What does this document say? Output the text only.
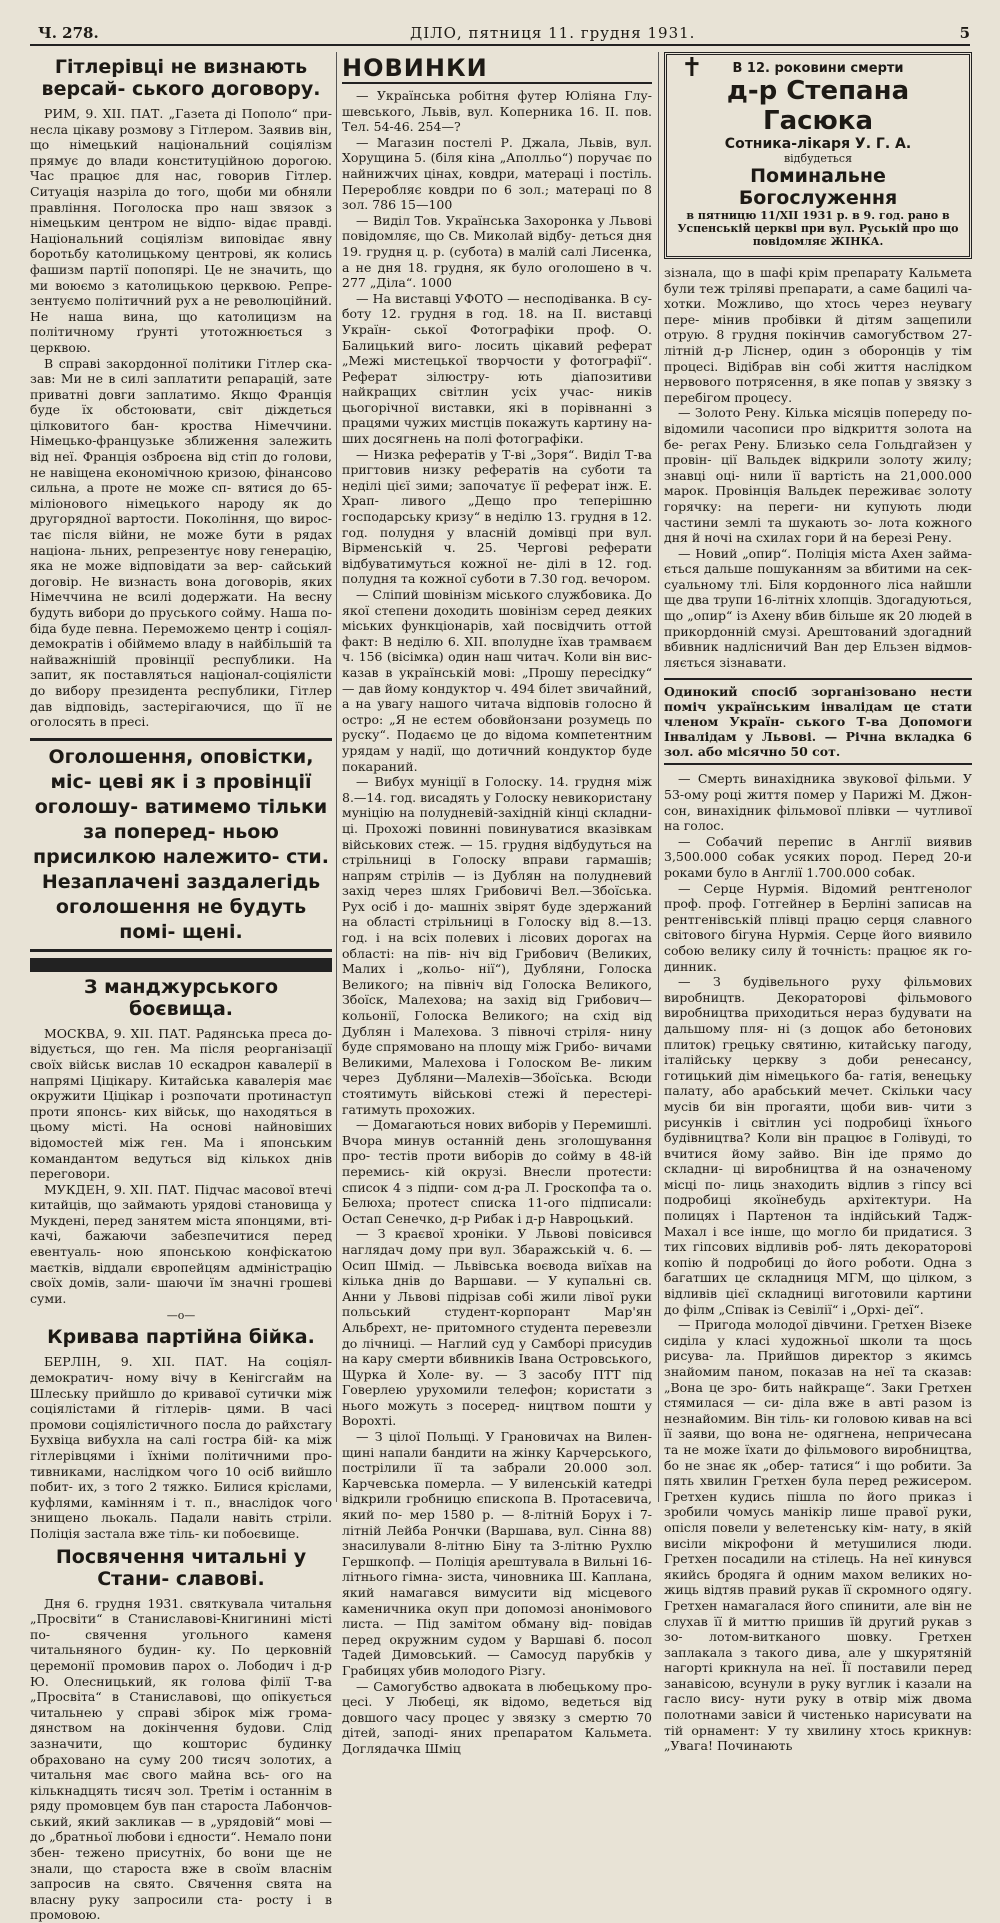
Ч. 278.	ДІЛО, пятниця 11. грудня 1931.	5
Гітлерівці не визнають версай- ського договору.

РИМ, 9. XII. ПАТ. „Газета ді Пополо“ при- несла цікаву розмову з Гітлером. Заявив він, що німецький національний соціялізм прямує до влади конституційною дорогою. Час працює для нас, говорив Гітлер. Ситуація назріла до того, щоби ми обняли правління. Поголоска про наш звязок з німецьким центром не відпо- відає правді. Національний соціялізм виповідає явну боротьбу католицькому центрові, як колись фашизм партії попопярі. Це не значить, що ми воюємо з католицькою церквою. Репре- зентуємо політичний рух а не революційний. Не наша вина, що католицизм на політичному ґрунті утотожнюється з церквою.

В справі закордонної політики Гітлер ска- зав: Ми не в силі заплатити репарацій, зате приватні довги заплатимо. Якщо Франція буде їх обстоювати, світ діждеться цілковитого бан- кроства Німеччини. Німецько-французьке зближення залежить від неї. Франція озброєна від стіп до голови, не навіщена економічною кризою, фінансово сильна, а проте не може сп- вятися до 65-міліонового німецького народу як до другорядної вартости. Покоління, що вирос- тає після війни, не може бути в рядах націона- льних, репрезентує нову генерацію, яка не може відповідати за вер- сайський договір. Не визнасть вона договорів, яких Німеччина не всилі додержати. На весну будуть вибори до пруського сойму. Наша по- біда буде певна. Переможемо центр і соціял- демократів і обіймемо владу в найбільшій та найважнішій провінції республики. На запит, як поставляться націонал-соціялісти до вибору президента республики, Гітлер дав відповідь, застерігаючися, що її не оголосять в пресі.

Оголошення, оповістки, міс- цеві як і з провінції оголошу- ватимемо тільки за поперед- ньою присилкою належито- сти. Незаплачені заздалегідь оголошення не будуть помі- щені.
З манджурського боєвища.

МОСКВА, 9. XII. ПАТ. Радянська преса до- відується, що ген. Ма після реорганізації своїх військ вислав 10 ескадрон кавалерії в напрямі Ціцікару. Китайська кавалерія має окружити Ціцікар і розпочати протинаступ проти японсь- ких військ, що находяться в цьому місті. На основі найновіших відомостей між ген. Ма і японським командантом ведуться від кількох днів переговори.

МУКДЕН, 9. XII. ПАТ. Підчас масової втечі китайців, що займають урядові становища у Мукдені, перед занятем міста японцями, вті- качі, бажаючи забезпечитися перед евентуаль- ною японською конфіскатою маєтків, віддали європейцям адміністрацію своїх домів, зали- шаючи їм значні грошеві суми.

—o—
Кривава партійна бійка.

БЕРЛІН, 9. XII. ПАТ. На соціял-демократич- ному вічу в Кенігсгайм на Шлеську прийшло до кривавої сутички між соціялістами й гітлерів- цями. В часі промови соціялістичного посла до райхстагу Бухвіца вибухла на салі гостра бій- ка між гітлерівцями і їхніми політичними про- тивниками, наслідком чого 10 осіб вийшло побит- их, з того 2 тяжко. Билися кріслами, куфлями, камінням і т. п., внаслідок чого знищено льокаль. Падали навіть стріли. Поліція застала вже тіль- ки побоєвище.

Посвячення читальні у Стани- славові.

Дня 6. грудня 1931. святкувала читальня „Просвіти“ в Станиславові-Книгинині місті по- свячення угольного каменя читальняного будин- ку. По церковній церемонії промовив парох о. Лободич і д-р Ю. Олесницький, як голова філії Т-ва „Просвіта“ в Станиславові, що опікується читальнею у справі збірок між грома- дянством на докінчення будови. Слід зазначити, що кошторис будинку обраховано на суму 200 тисяч золотих, а читальня має свого майна всь- ого на кількнадцять тисяч зол. Третім і останнім в ряду промовцем був пан староста Лабончов- ський, який закликав — в „урядовій“ мові — до „братньої любови і єдности“. Немало пони збен- тежено присутніх, бо вони ще не знали, що староста вже в своїм власнім запросив на свято. Свячення свята на власну руку запросили ста- росту і в промовою.

НОВИНКИ

— Українська робітня футер Юліяна Глу- шевського, Львів, вул. Коперника 16. II. пов. Тел. 54-46. 254—?

— Магазин постелі Р. Джала, Львів, вул. Хорущина 5. (біля кіна „Аполльо“) поручає по найнижчих цінах, ковдри, матераці і постіль. Переробляє ковдри по 6 зол.; матераці по 8 зол. 786 15—100

— Виділ Тов. Українська Захоронка у Львові повідомляє, що Св. Миколай відбу- деться дня 19. грудня ц. р. (субота) в малій салі Лисенка, а не дня 18. грудня, як було оголошено в ч. 277 „Діла“. 1000

— На виставці УФОТО — несподіванка. В су- боту 12. грудня в год. 18. на II. виставці Україн- ської Фотографіки проф. О. Балицький виго- лосить цікавий реферат „Межі мистецької творчости у фотографії“. Реферат зілюстру- ють діапозитиви найкращих світлин усіх учас- ників цьогорічної виставки, які в порівнанні з працями чужих мистців покажуть картину на- ших досягнень на полі фотографіки.

— Низка рефератів у Т-ві „Зоря“. Виділ Т-ва пригтовив низку рефератів на суботи та неділі цієї зими; започатує її реферат інж. Е. Храп- ливого „Дещо про теперішню господарську кризу“ в неділю 13. грудня в 12. год. полудня у власній домівці при вул. Вірменській ч. 25. Чергові реферати відбуватимуться кожної не- ділі в 12. год. полудня та кожної суботи в 7.30 год. вечором.

— Сліпий шовінізм міського службовика. До якої степени доходить шовінізм серед деяких міських функціонарів, хай посвідчить оттой факт: В неділю 6. XII. вполудне їхав трамваєм ч. 156 (вісімка) один наш читач. Коли він вис- казав в українській мові: „Прошу пересідку“ — дав йому кондуктор ч. 494 білет звичайний, а на увагу нашого читача відповів голосно й остро: „Я не естем обовйонзани розумець по руску“. Подаємо це до відома компетентним урядам у надії, що дотичний кондуктор буде покараний.

— Вибух муніції в Голоску. 14. грудня між 8.—14. год. висадять у Голоску невикористану муніцію на полудневій-західній кінці складни- ці. Прохожі повинні повинуватися вказівкам військових стеж. — 15. грудня відбудуться на стрільниці в Голоску вправи гармашів; напрям стрілів — із Дублян на полудневий захід через шлях Грибовичі Вел.—Збоїська. Рух осіб і до- машніх звірят буде здержаний на області стрільниці в Голоску від 8.—13. год. і на всіх полевих і лісових дорогах на області: на пів- ніч від Грибович (Великих, Малих і „кольо- нії“), Дубляни, Голоска Великого; на північ від Голоска Великого, Збоїск, Малехова; на захід від Грибович—кольонії, Голоска Великого; на схід від Дублян і Малехова. З півночі стріля- нину буде спрямовано на площу між Грибо- вичами Великими, Малехова і Голоском Ве- ликим через Дубляни—Малехів—Збоїська. Всюди стоятимуть військові стежі й перестері- гатимуть прохожих.

— Домагаються нових виборів у Перемишлі. Вчора минув останній день зголошування про- тестів проти виборів до сойму в 48-ій перемись- кій окрузі. Внесли протести: список 4 з підпи- сом д-ра Л. Гроскопфа та о. Белюха; протест списка 11-ого підписали: Остап Сенечко, д-р Рибак і д-р Навроцький.

— З краєвої хроніки. У Львові повісився наглядач дому при вул. Збаражській ч. 6. — Осип Шмід. — Львівська воєвода виїхав на кілька днів до Варшави. — У купальні св. Анни у Львові підрізав собі жили лівої руки польський студент-корпорант Мар'ян Альбрехт, не- притомного студента перевезли до лічниці. — Наглий суд у Самборі присудив на кару смерти вбивників Івана Островського, Щурка й Холе- ву. — З засобу ПТТ під Говерлею урухомили телефон; користати з нього можуть з посеред- ництвом пошти у Ворохті.

— З цілої Польщі. У Грановичах на Вилен- щині напали бандити на жінку Карчерського, пострілили її та забрали 20.000 зол. Карчевська померла. — У виленській катедрі відкрили гробницю єпископа В. Протасевича, який по- мер 1580 р. — 8-літній Борух і 7-літній Лейба Рончки (Варшава, вул. Сінна 88) знасилували 8-літню Біну та 3-літню Рухлю Гершкопф. — Поліція арештувала в Вильні 16-літнього гімна- зиста, чиновника Ш. Каплана, який намагався вимусити від місцевого каменичника окуп при допомозі анонімового листа. — Під замітом обману від- повідав перед окружним судом у Варшаві б. посол Тадей Димовський. — Самосуд парубків у Грабицях убив молодого Різгу.

— Самогубство адвоката в любецькому про- цесі. У Любеці, як відомо, ведеться від довшого часу процес у звязку з смертю 70 дітей, заподі- яних препаратом Кальмета. Доглядачка Шміц

✝	В 12. роковини смерти
д-р Степана Гасюка
Сотника-лікаря У. Г. А.
відбудеться
Поминальне Богослуження
в пятницю 11/XII 1931 р. в 9. год. рано в Успенській церкві при вул. Руській про що повідомляє ЖІНКА.

зізнала, що в шафі крім препарату Кальмета були теж тріляві препарати, а саме бацилі ча- хотки. Можливо, що хтось через неувагу пере- мінив пробівки й дітям защепили отрую. 8 грудня покінчив самогубством 27-літній д-р Ліснер, один з оборонців у тім процесі. Відібрав він собі життя наслідком нервового потрясення, в яке попав у звязку з перебігом процесу.

— Золото Рену. Кілька місяців попереду по- відомили часописи про відкриття золота на бе- регах Рену. Близько села Гольдгайзен у провін- ції Вальдек відкрили золоту жилу; знавці оці- нили її вартість на 21,000.000 марок. Провінція Вальдек переживає золоту горячку: на переги- ни купують люди частини землі та шукають зо- лота кожного дня й ночі на схилах гори й на березі Рену.

— Новий „опир“. Поліція міста Ахен займа- ється дальше пошуканням за вбитими на сек- суальному тлі. Біля кордонного ліса найшли ще два трупи 16-літніх хлопців. Здогадуються, що „опир“ із Ахену вбив більше як 20 людей в прикордонній смузі. Арештований здогадний вбивник надлісничий Ван дер Ельзен відмов- ляється зізнавати.

Одинокий спосіб зорганізовано нести поміч українським інвалідам це стати членом Україн- ського Т-ва Допомоги Інвалідам у Львові. — Річна вкладка 6 зол. або місячно 50 сот.

— Смерть винахідника звукової фільми. У 53-ому році життя помер у Парижі М. Джон- сон, винахідник фільмової плівки — чутливої на голос.

— Собачий перепис в Англії виявив 3,500.000 собак усяких пород. Перед 20-и роками було в Англії 1.700.000 собак.

— Серце Нурмія. Відомий рентгенолог проф. проф. Готгейнер в Берліні записав на рентгенівській плівці працю серця славного світового бігуна Нурмія. Серце його виявило собою велику силу й точність: працює як го- динник.

— З будівельного руху фільмових виробництв. Декораторові фільмового виробництва приходиться нераз будувати на дальшому пля- ні (з дощок або бетонових плиток) грецьку святиню, китайську пагоду, італійську церкву з доби ренесансу, готицький дім німецького ба- гатія, венецьку палату, або арабський мечет. Скільки часу мусів би він прогаяти, щоби вив- чити з рисунків і світлин усі подробиці їхнього будівництва? Коли він працює в Голівуді, то вчитися йому зайво. Він іде прямо до складни- ці виробництва й на означеному місці по- лиць знаходить відлив з гіпсу всі подробиці якоїнебудь архітектури. На полицях і Партенон та індійський Тадж-Махал і все інше, що могло би придатися. З тих гіпсових відливів роб- лять декораторові копію й подробиці до його роботи. Одна з багатших це складниця МГМ, що цілком, з відливів цієї складниці виготовили картини до філм „Співак із Севілії“ і „Орхі- деї“.

— Пригода молодої дівчини. Гретхен Візеке сиділа у класі художньої школи та щось рисува- ла. Прийшов директор з якимсь знайомим паном, показав на неї та сказав: „Вона це зро- бить найкраще“. Заки Гретхен стямилася — си- діла вже в авті разом із незнайомим. Він тіль- ки головою кивав на всі її заяви, що вона не- одягнена, непричесана та не може їхати до фільмового виробництва, бо не знає як „обер- татися“ і що робити. За пять хвилин Гретхен була перед режисером. Гретхен кудись пішла по його приказ і зробили чомусь манікір лише правої руки, опісля повели у велетенську кім- нату, в якій висіли мікрофони й метушилися люди. Гретхен посадили на стілець. На неї кинувся якийсь бродяга й одним махом великих но- жиць відтяв правий рукав її скромного одягу. Гретхен намагалася його спинити, але він не слухав її й миттю пришив їй другий рукав з зо- лотом-витканого шовку. Гретхен заплакала з такого дива, але у шкурятяній нагорті крикнула на неї. Її поставили перед занавісою, всунули в руку вуглик і казали на гасло вису- нути руку в отвір між двома полотнами завіси й чистенько нарисувати на тій орнамент: У ту хвилину хтось крикнув: „Увага! Починають
